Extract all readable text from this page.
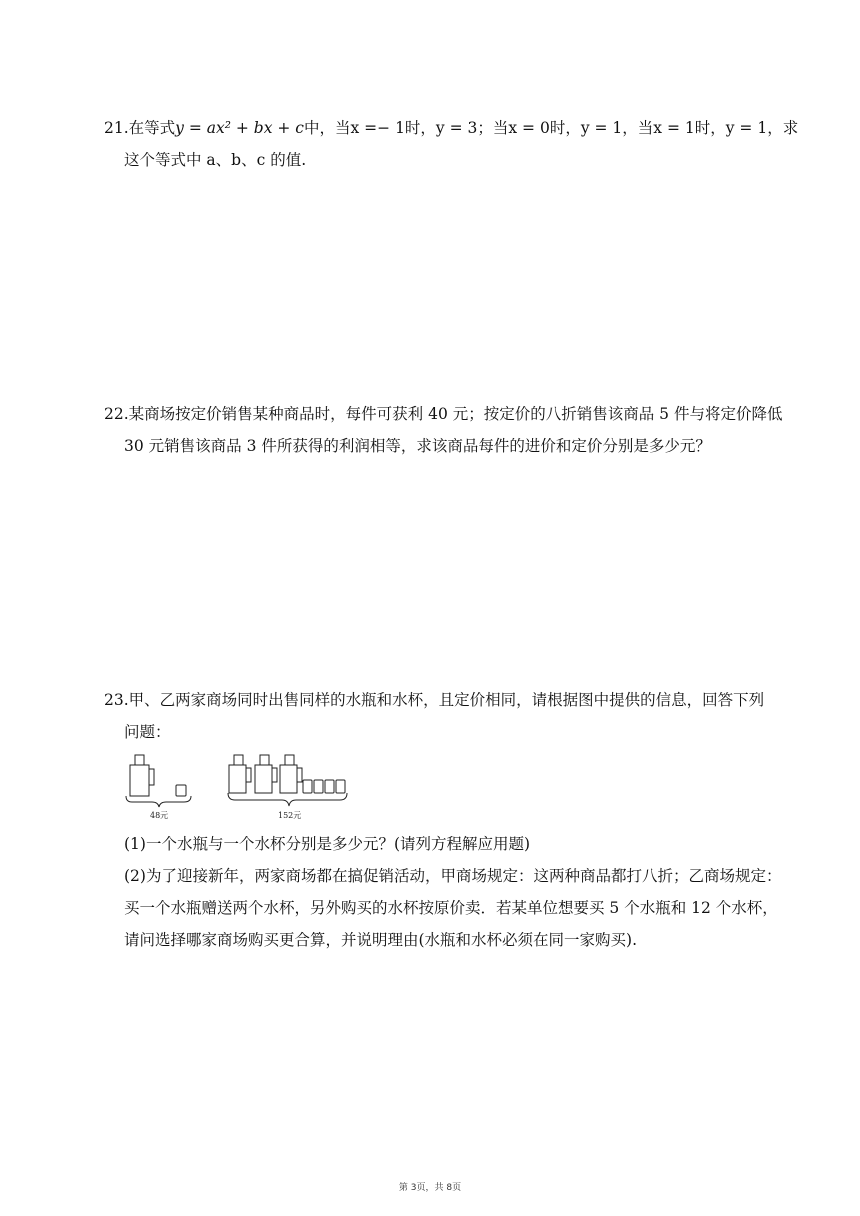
21.在等式y = ax² + bx + c中，当x =− 1时，y = 3；当x = 0时，y = 1，当x = 1时，y = 1，求
这个等式中 a、b、c 的值.
22.某商场按定价销售某种商品时，每件可获利 40 元；按定价的八折销售该商品 5 件与将定价降低
30 元销售该商品 3 件所获得的利润相等，求该商品每件的进价和定价分别是多少元？
23.甲、乙两家商场同时出售同样的水瓶和水杯，且定价相同，请根据图中提供的信息，回答下列
问题：
48元	152元
(1)一个水瓶与一个水杯分别是多少元？(请列方程解应用题)
(2)为了迎接新年，两家商场都在搞促销活动，甲商场规定：这两种商品都打八折；乙商场规定：
买一个水瓶赠送两个水杯，另外购买的水杯按原价卖．若某单位想要买 5 个水瓶和 12 个水杯，
请问选择哪家商场购买更合算，并说明理由(水瓶和水杯必须在同一家购买).
第 3页，共 8页
